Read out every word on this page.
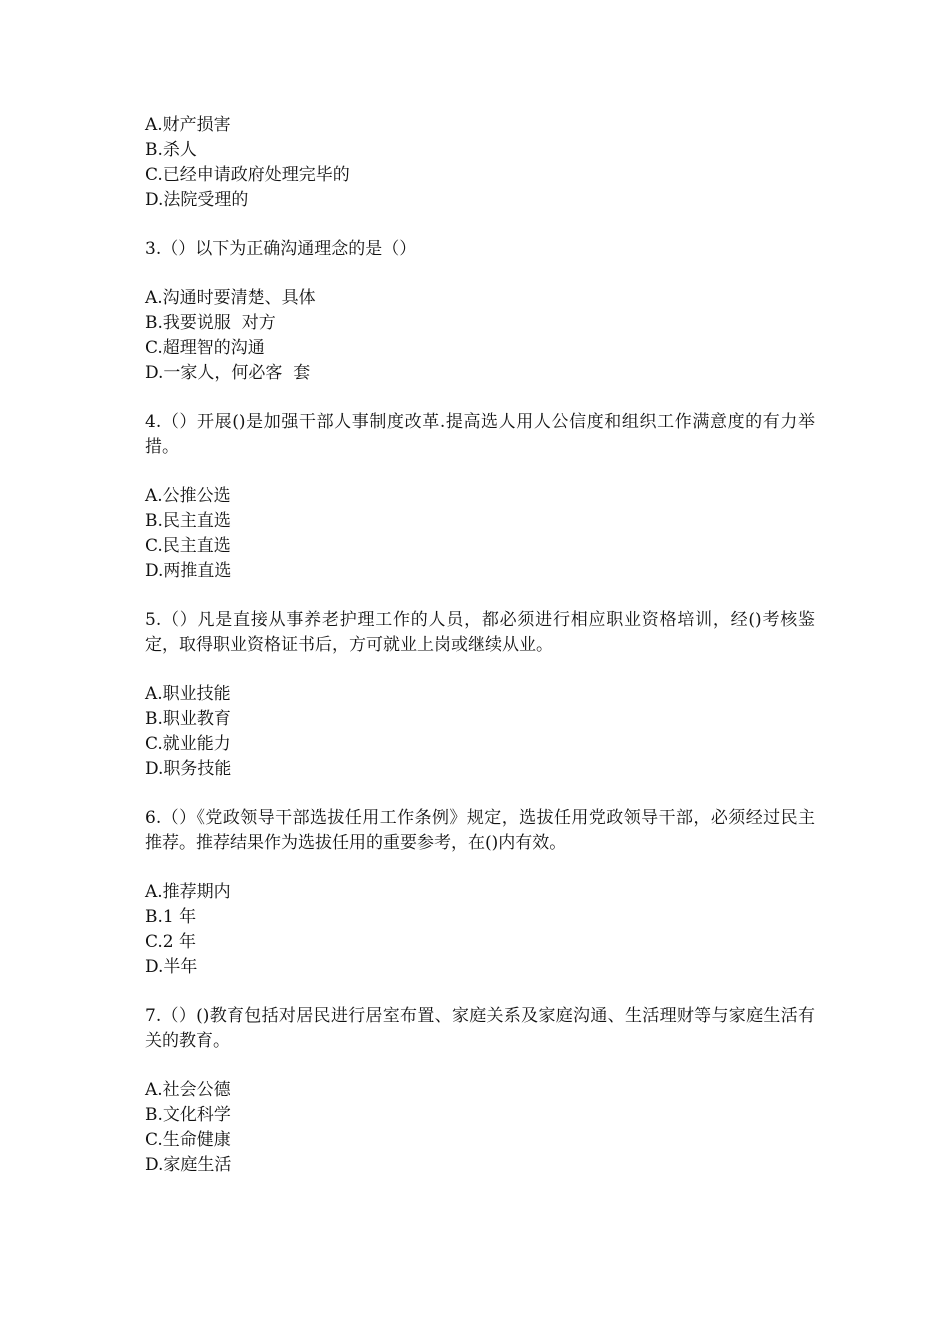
A.财产损害
B.杀人
C.已经申请政府处理完毕的
D.法院受理的
3.（）以下为正确沟通理念的是（）
A.沟通时要清楚、具体
B.我要说服  对方
C.超理智的沟通
D.一家人，何必客  套
4.（）开展()是加强干部人事制度改革.提高选人用人公信度和组织工作满意度的有力举措。
A.公推公选
B.民主直选
C.民主直选
D.两推直选
5.（）凡是直接从事养老护理工作的人员，都必须进行相应职业资格培训，经()考核鉴定，取得职业资格证书后，方可就业上岗或继续从业。
A.职业技能
B.职业教育
C.就业能力
D.职务技能
6.（）《党政领导干部选拔任用工作条例》规定，选拔任用党政领导干部，必须经过民主推荐。推荐结果作为选拔任用的重要参考，在()内有效。
A.推荐期内
B.1 年
C.2 年
D.半年
7.（）()教育包括对居民进行居室布置、家庭关系及家庭沟通、生活理财等与家庭生活有关的教育。
A.社会公德
B.文化科学
C.生命健康
D.家庭生活
